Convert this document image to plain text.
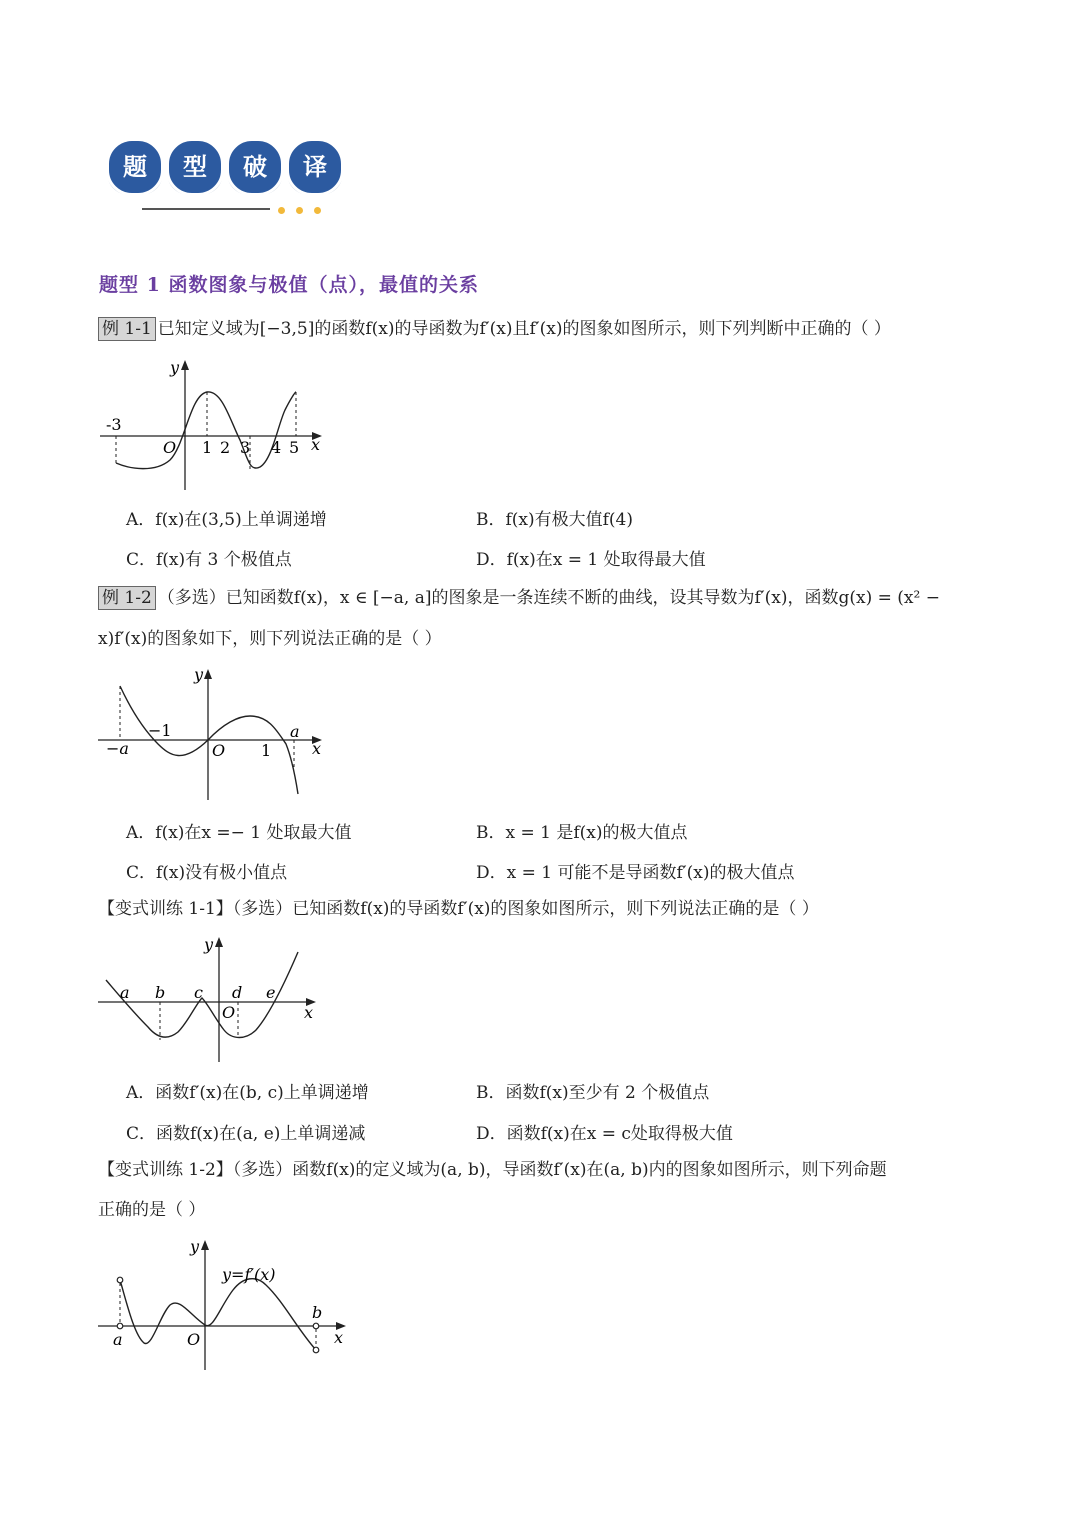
题	型	破	译
题型 1 函数图象与极值（点），最值的关系
例 1-1 已知定义域为[−3,5]的函数f(x)的导函数为f′(x)且f′(x)的图象如图所示，则下列判断中正确的（ ）
y
x
O
-3
1 2 3 4 5
A．f(x)在(3,5)上单调递增	B．f(x)有极大值f(4)
C．f(x)有 3 个极值点	D．f(x)在x = 1 处取得最大值
例 1-2 （多选）已知函数f(x)，x ∈ [−a, a]的图象是一条连续不断的曲线，设其导数为f′(x)，函数g(x) = (x² −
x)f′(x)的图象如下，则下列说法正确的是（ ）
y
x
O
−a
−1
1
a
A．f(x)在x =− 1 处取最大值	B．x = 1 是f(x)的极大值点
C．f(x)没有极小值点	D．x = 1 可能不是导函数f′(x)的极大值点
【变式训练 1-1】（多选）已知函数f(x)的导函数f′(x)的图象如图所示，则下列说法正确的是（ ）
y
x
O
a b c d e
A．函数f′(x)在(b, c)上单调递增	B．函数f(x)至少有 2 个极值点
C．函数f(x)在(a, e)上单调递减	D．函数f(x)在x = c处取得极大值
【变式训练 1-2】（多选）函数f(x)的定义域为(a, b)，导函数f′(x)在(a, b)内的图象如图所示，则下列命题
正确的是（ ）
y
x
O
a
b
y=f′(x)
